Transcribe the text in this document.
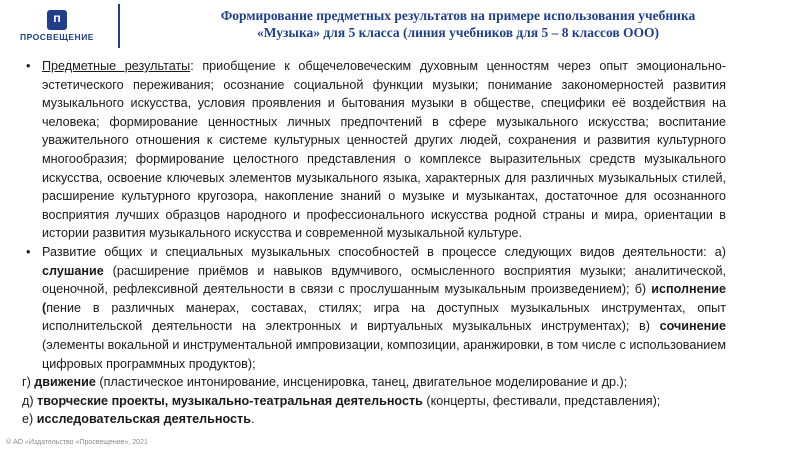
П
ПРОСВЕЩЕНИЕ
Формирование предметных результатов на примере использования учебника
«Музыка» для 5 класса (линия учебников для 5 – 8 классов ООО)
• Предметные результаты: приобщение к общечеловеческим духовным ценностям через опыт эмоционально-эстетического переживания; осознание социальной функции музыки; понимание закономерностей развития музыкального искусства, условия проявления и бытования музыки в обществе, специфики её воздействия на человека; формирование ценностных личных предпочтений в сфере музыкального искусства; воспитание уважительного отношения к системе культурных ценностей других людей, сохранения и развития культурного многообразия; формирование целостного представления о комплексе выразительных средств музыкального искусства, освоение ключевых элементов музыкального языка, характерных для различных музыкальных стилей, расширение культурного кругозора, накопление знаний о музыке и музыкантах, достаточное для осознанного восприятия лучших образцов народного и профессионального искусства родной страны и мира, ориентации в истории развития музыкального искусства и современной музыкальной культуре.
• Развитие общих и специальных музыкальных способностей в процессе следующих видов деятельности: а) слушание (расширение приёмов и навыков вдумчивого, осмысленного восприятия музыки; аналитической, оценочной, рефлексивной деятельности в связи с прослушанным музыкальным произведением); б) исполнение (пение в различных манерах, составах, стилях; игра на доступных музыкальных инструментах, опыт исполнительской деятельности на электронных и виртуальных музыкальных инструментах); в) сочинение (элементы вокальной и инструментальной импровизации, композиции, аранжировки, в том числе с использованием цифровых программных продуктов);
г) движение (пластическое интонирование, инсценировка, танец, двигательное моделирование и др.);
д) творческие проекты, музыкально-театральная деятельность (концерты, фестивали, представления);
е) исследовательская деятельность.
© АО «Издательство «Просвещение», 2021
